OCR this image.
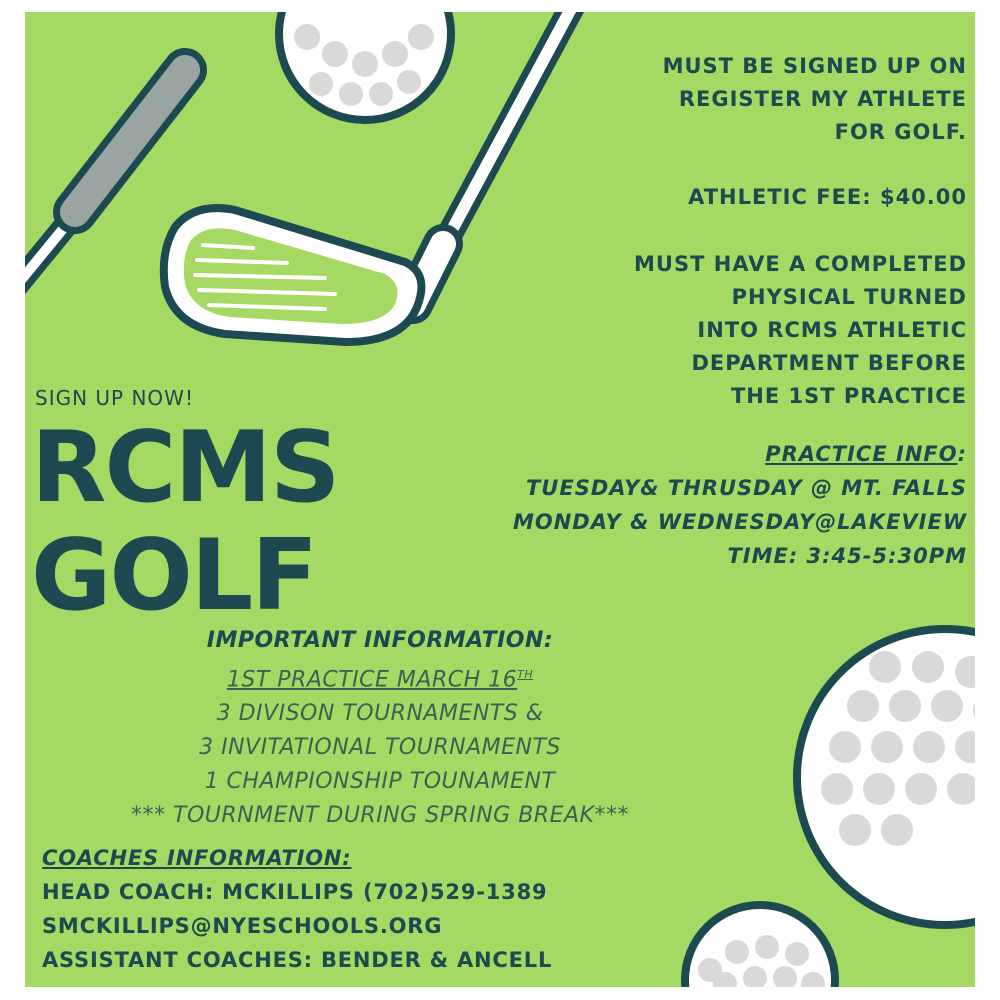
MUST BE SIGNED UP ON
REGISTER MY ATHLETE
FOR GOLF.
ATHLETIC FEE: $40.00
MUST HAVE A COMPLETED
PHYSICAL TURNED
INTO RCMS ATHLETIC
DEPARTMENT BEFORE
THE 1ST PRACTICE
PRACTICE INFO:
TUESDAY& THRUSDAY @ MT. FALLS
MONDAY & WEDNESDAY@LAKEVIEW
TIME: 3:45-5:30PM
SIGN UP NOW!
RCMS
GOLF
IMPORTANT INFORMATION:
1ST PRACTICE MARCH 16TH
3 DIVISON TOURNAMENTS &
3 INVITATIONAL TOURNAMENTS
1 CHAMPIONSHIP TOUNAMENT
*** TOURNMENT DURING SPRING BREAK***
COACHES INFORMATION:
HEAD COACH: MCKILLIPS (702)529-1389
SMCKILLIPS@NYESCHOOLS.ORG
ASSISTANT COACHES: BENDER & ANCELL
